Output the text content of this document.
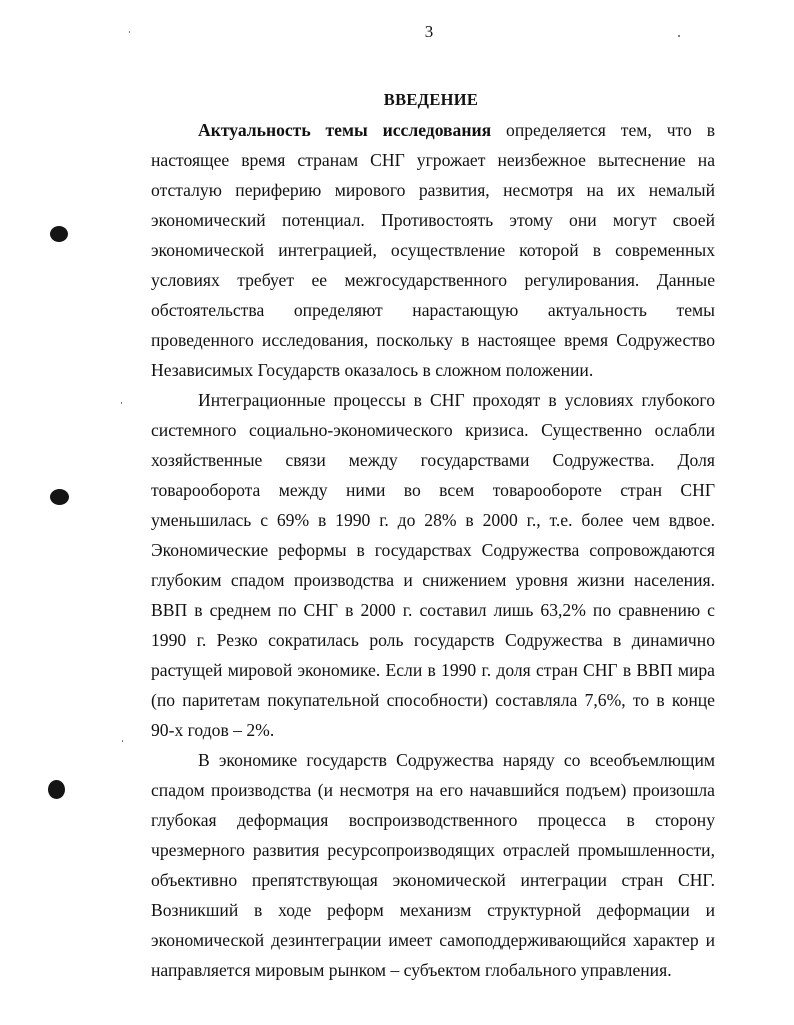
3
ВВЕДЕНИЕ

Актуальность темы исследования определяется тем, что в настоящее время странам СНГ угрожает неизбежное вытеснение на отсталую периферию мирового развития, несмотря на их немалый экономический потенциал. Противостоять этому они могут своей экономической интеграцией, осуществление которой в современных условиях требует ее межгосударственного регулирования. Данные обстоятельства определяют нарастающую актуальность темы проведенного исследования, поскольку в настоящее время Содружество Независимых Государств оказалось в сложном положении.

Интеграционные процессы в СНГ проходят в условиях глубокого системного социально-экономического кризиса. Существенно ослабли хозяйственные связи между государствами Содружества. Доля товарооборота между ними во всем товарообороте стран СНГ уменьшилась с 69% в 1990 г. до 28% в 2000 г., т.е. более чем вдвое. Экономические реформы в государствах Содружества сопровождаются глубоким спадом производства и снижением уровня жизни населения. ВВП в среднем по СНГ в 2000 г. составил лишь 63,2% по сравнению с 1990 г. Резко сократилась роль государств Содружества в динамично растущей мировой экономике. Если в 1990 г. доля стран СНГ в ВВП мира (по паритетам покупательной способности) составляла 7,6%, то в конце 90-х годов – 2%.

В экономике государств Содружества наряду со всеобъемлющим спадом производства (и несмотря на его начавшийся подъем) произошла глубокая деформация воспроизводственного процесса в сторону чрезмерного развития ресурсопроизводящих отраслей промышленности, объективно препятствующая экономической интеграции стран СНГ. Возникший в ходе реформ механизм структурной деформации и экономической дезинтеграции имеет самоподдерживающийся характер и направляется мировым рынком – субъектом глобального управления.
